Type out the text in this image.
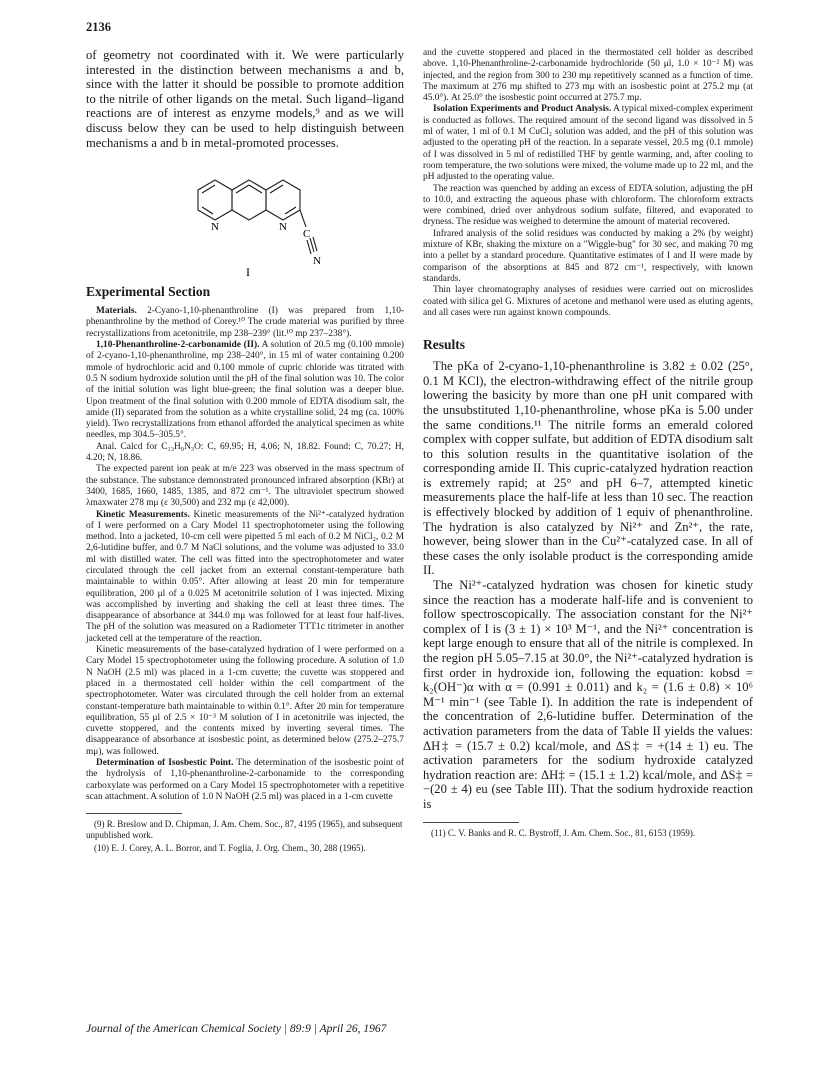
2136

of geometry not coordinated with it. We were particularly interested in the distinction between mechanisms a and b, since with the latter it should be possible to promote addition to the nitrile of other ligands on the metal. Such ligand–ligand reactions are of interest as enzyme models,⁹ and as we will discuss below they can be used to help distinguish between mechanisms a and b in metal-promoted processes.

N	N
C
N
I
Experimental Section

Materials. 2-Cyano-1,10-phenanthroline (I) was prepared from 1,10-phenanthroline by the method of Corey.¹⁰ The crude material was purified by three recrystallizations from acetonitrile, mp 238–239° (lit.¹⁰ mp 237–238°).

1,10-Phenanthroline-2-carbonamide (II). A solution of 20.5 mg (0.100 mmole) of 2-cyano-1,10-phenanthroline, mp 238–240°, in 15 ml of water containing 0.200 mmole of hydrochloric acid and 0.100 mmole of cupric chloride was titrated with 0.5 N sodium hydroxide solution until the pH of the final solution was 10. The color of the initial solution was light blue-green; the final solution was a deeper blue. Upon treatment of the final solution with 0.200 mmole of EDTA disodium salt, the amide (II) separated from the solution as a white crystalline solid, 24 mg (ca. 100% yield). Two recrystallizations from ethanol afforded the analytical specimen as white needles, mp 304.5–305.5°.

Anal. Calcd for C₁₃H₉N₃O: C, 69.95; H, 4.06; N, 18.82. Found: C, 70.27; H, 4.20; N, 18.86.

The expected parent ion peak at m/e 223 was observed in the mass spectrum of the substance. The substance demonstrated pronounced infrared absorption (KBr) at 3400, 1685, 1660, 1485, 1385, and 872 cm⁻¹. The ultraviolet spectrum showed λmaxwater 278 mμ (ε 30,500) and 232 mμ (ε 42,000).

Kinetic Measurements. Kinetic measurements of the Ni²⁺-catalyzed hydration of I were performed on a Cary Model 11 spectrophotometer using the following method. Into a jacketed, 10-cm cell were pipetted 5 ml each of 0.2 M NiCl₂, 0.2 M 2,6-lutidine buffer, and 0.7 M NaCl solutions, and the volume was adjusted to 33.0 ml with distilled water. The cell was fitted into the spectrophotometer and water circulated through the cell jacket from an external constant-temperature bath maintainable to within 0.05°. After allowing at least 20 min for temperature equilibration, 200 μl of a 0.025 M acetonitrile solution of I was injected. Mixing was accomplished by inverting and shaking the cell at least three times. The disappearance of absorbance at 344.0 mμ was followed for at least four half-lives. The pH of the solution was measured on a Radiometer TTT1c titrimeter in another jacketed cell at the temperature of the reaction.

Kinetic measurements of the base-catalyzed hydration of I were performed on a Cary Model 15 spectrophotometer using the following procedure. A solution of 1.0 N NaOH (2.5 ml) was placed in a 1-cm cuvette; the cuvette was stoppered and placed in a thermostated cell holder within the cell compartment of the spectrophotometer. Water was circulated through the cell holder from an external constant-temperature bath maintainable to within 0.1°. After 20 min for temperature equilibration, 55 μl of 2.5 × 10⁻³ M solution of I in acetonitrile was injected, the cuvette stoppered, and the contents mixed by inverting several times. The disappearance of absorbance at isosbestic point, as determined below (275.2–275.7 mμ), was followed.

Determination of Isosbestic Point. The determination of the isosbestic point of the hydrolysis of 1,10-phenanthroline-2-carbonamide to the corresponding carboxylate was performed on a Cary Model 15 spectrophotometer with a repetitive scan attachment. A solution of 1.0 N NaOH (2.5 ml) was placed in a 1-cm cuvette

(9) R. Breslow and D. Chipman, J. Am. Chem. Soc., 87, 4195 (1965), and subsequent unpublished work.

(10) E. J. Corey, A. L. Borror, and T. Foglia, J. Org. Chem., 30, 288 (1965).

and the cuvette stoppered and placed in the thermostated cell holder as described above. 1,10-Phenanthroline-2-carbonamide hydrochloride (50 μl, 1.0 × 10⁻² M) was injected, and the region from 300 to 230 mμ repetitively scanned as a function of time. The maximum at 276 mμ shifted to 273 mμ with an isosbestic point at 275.2 mμ (at 45.0°). At 25.0° the isosbestic point occurred at 275.7 mμ.

Isolation Experiments and Product Analysis. A typical mixed-complex experiment is conducted as follows. The required amount of the second ligand was dissolved in 5 ml of water, 1 ml of 0.1 M CuCl₂ solution was added, and the pH of this solution was adjusted to the operating pH of the reaction. In a separate vessel, 20.5 mg (0.1 mmole) of I was dissolved in 5 ml of redistilled THF by gentle warming, and, after cooling to room temperature, the two solutions were mixed, the volume made up to 22 ml, and the pH adjusted to the operating value.

The reaction was quenched by adding an excess of EDTA solution, adjusting the pH to 10.0, and extracting the aqueous phase with chloroform. The chloroform extracts were combined, dried over anhydrous sodium sulfate, filtered, and evaporated to dryness. The residue was weighed to determine the amount of material recovered.

Infrared analysis of the solid residues was conducted by making a 2% (by weight) mixture of KBr, shaking the mixture on a "Wiggle-bug" for 30 sec, and making 70 mg into a pellet by a standard procedure. Quantitative estimates of I and II were made by comparison of the absorptions at 845 and 872 cm⁻¹, respectively, with known standards.

Thin layer chromatography analyses of residues were carried out on microslides coated with silica gel G. Mixtures of acetone and methanol were used as eluting agents, and all cases were run against known compounds.

Results

The pKa of 2-cyano-1,10-phenanthroline is 3.82 ± 0.02 (25°, 0.1 M KCl), the electron-withdrawing effect of the nitrile group lowering the basicity by more than one pH unit compared with the unsubstituted 1,10-phenanthroline, whose pKa is 5.00 under the same conditions.¹¹ The nitrile forms an emerald colored complex with copper sulfate, but addition of EDTA disodium salt to this solution results in the quantitative isolation of the corresponding amide II. This cupric-catalyzed hydration reaction is extremely rapid; at 25° and pH 6–7, attempted kinetic measurements place the half-life at less than 10 sec. The reaction is effectively blocked by addition of 1 equiv of phenanthroline. The hydration is also catalyzed by Ni²⁺ and Zn²⁺, the rate, however, being slower than in the Cu²⁺-catalyzed case. In all of these cases the only isolable product is the corresponding amide II.

The Ni²⁺-catalyzed hydration was chosen for kinetic study since the reaction has a moderate half-life and is convenient to follow spectroscopically. The association constant for the Ni²⁺ complex of I is (3 ± 1) × 10³ M⁻¹, and the Ni²⁺ concentration is kept large enough to ensure that all of the nitrile is complexed. In the region pH 5.05–7.15 at 30.0°, the Ni²⁺-catalyzed hydration is first order in hydroxide ion, following the equation: kobsd = k₂(OH⁻)α with α = (0.991 ± 0.011) and k₂ = (1.6 ± 0.8) × 10⁶ M⁻¹ min⁻¹ (see Table I). In addition the rate is independent of the concentration of 2,6-lutidine buffer. Determination of the activation parameters from the data of Table II yields the values: ΔH‡ = (15.7 ± 0.2) kcal/mole, and ΔS‡ = +(14 ± 1) eu. The activation parameters for the sodium hydroxide catalyzed hydration reaction are: ΔH‡ = (15.1 ± 1.2) kcal/mole, and ΔS‡ = −(20 ± 4) eu (see Table III). That the sodium hydroxide reaction is

(11) C. V. Banks and R. C. Bystroff, J. Am. Chem. Soc., 81, 6153 (1959).

Journal of the American Chemical Society | 89:9 | April 26, 1967
